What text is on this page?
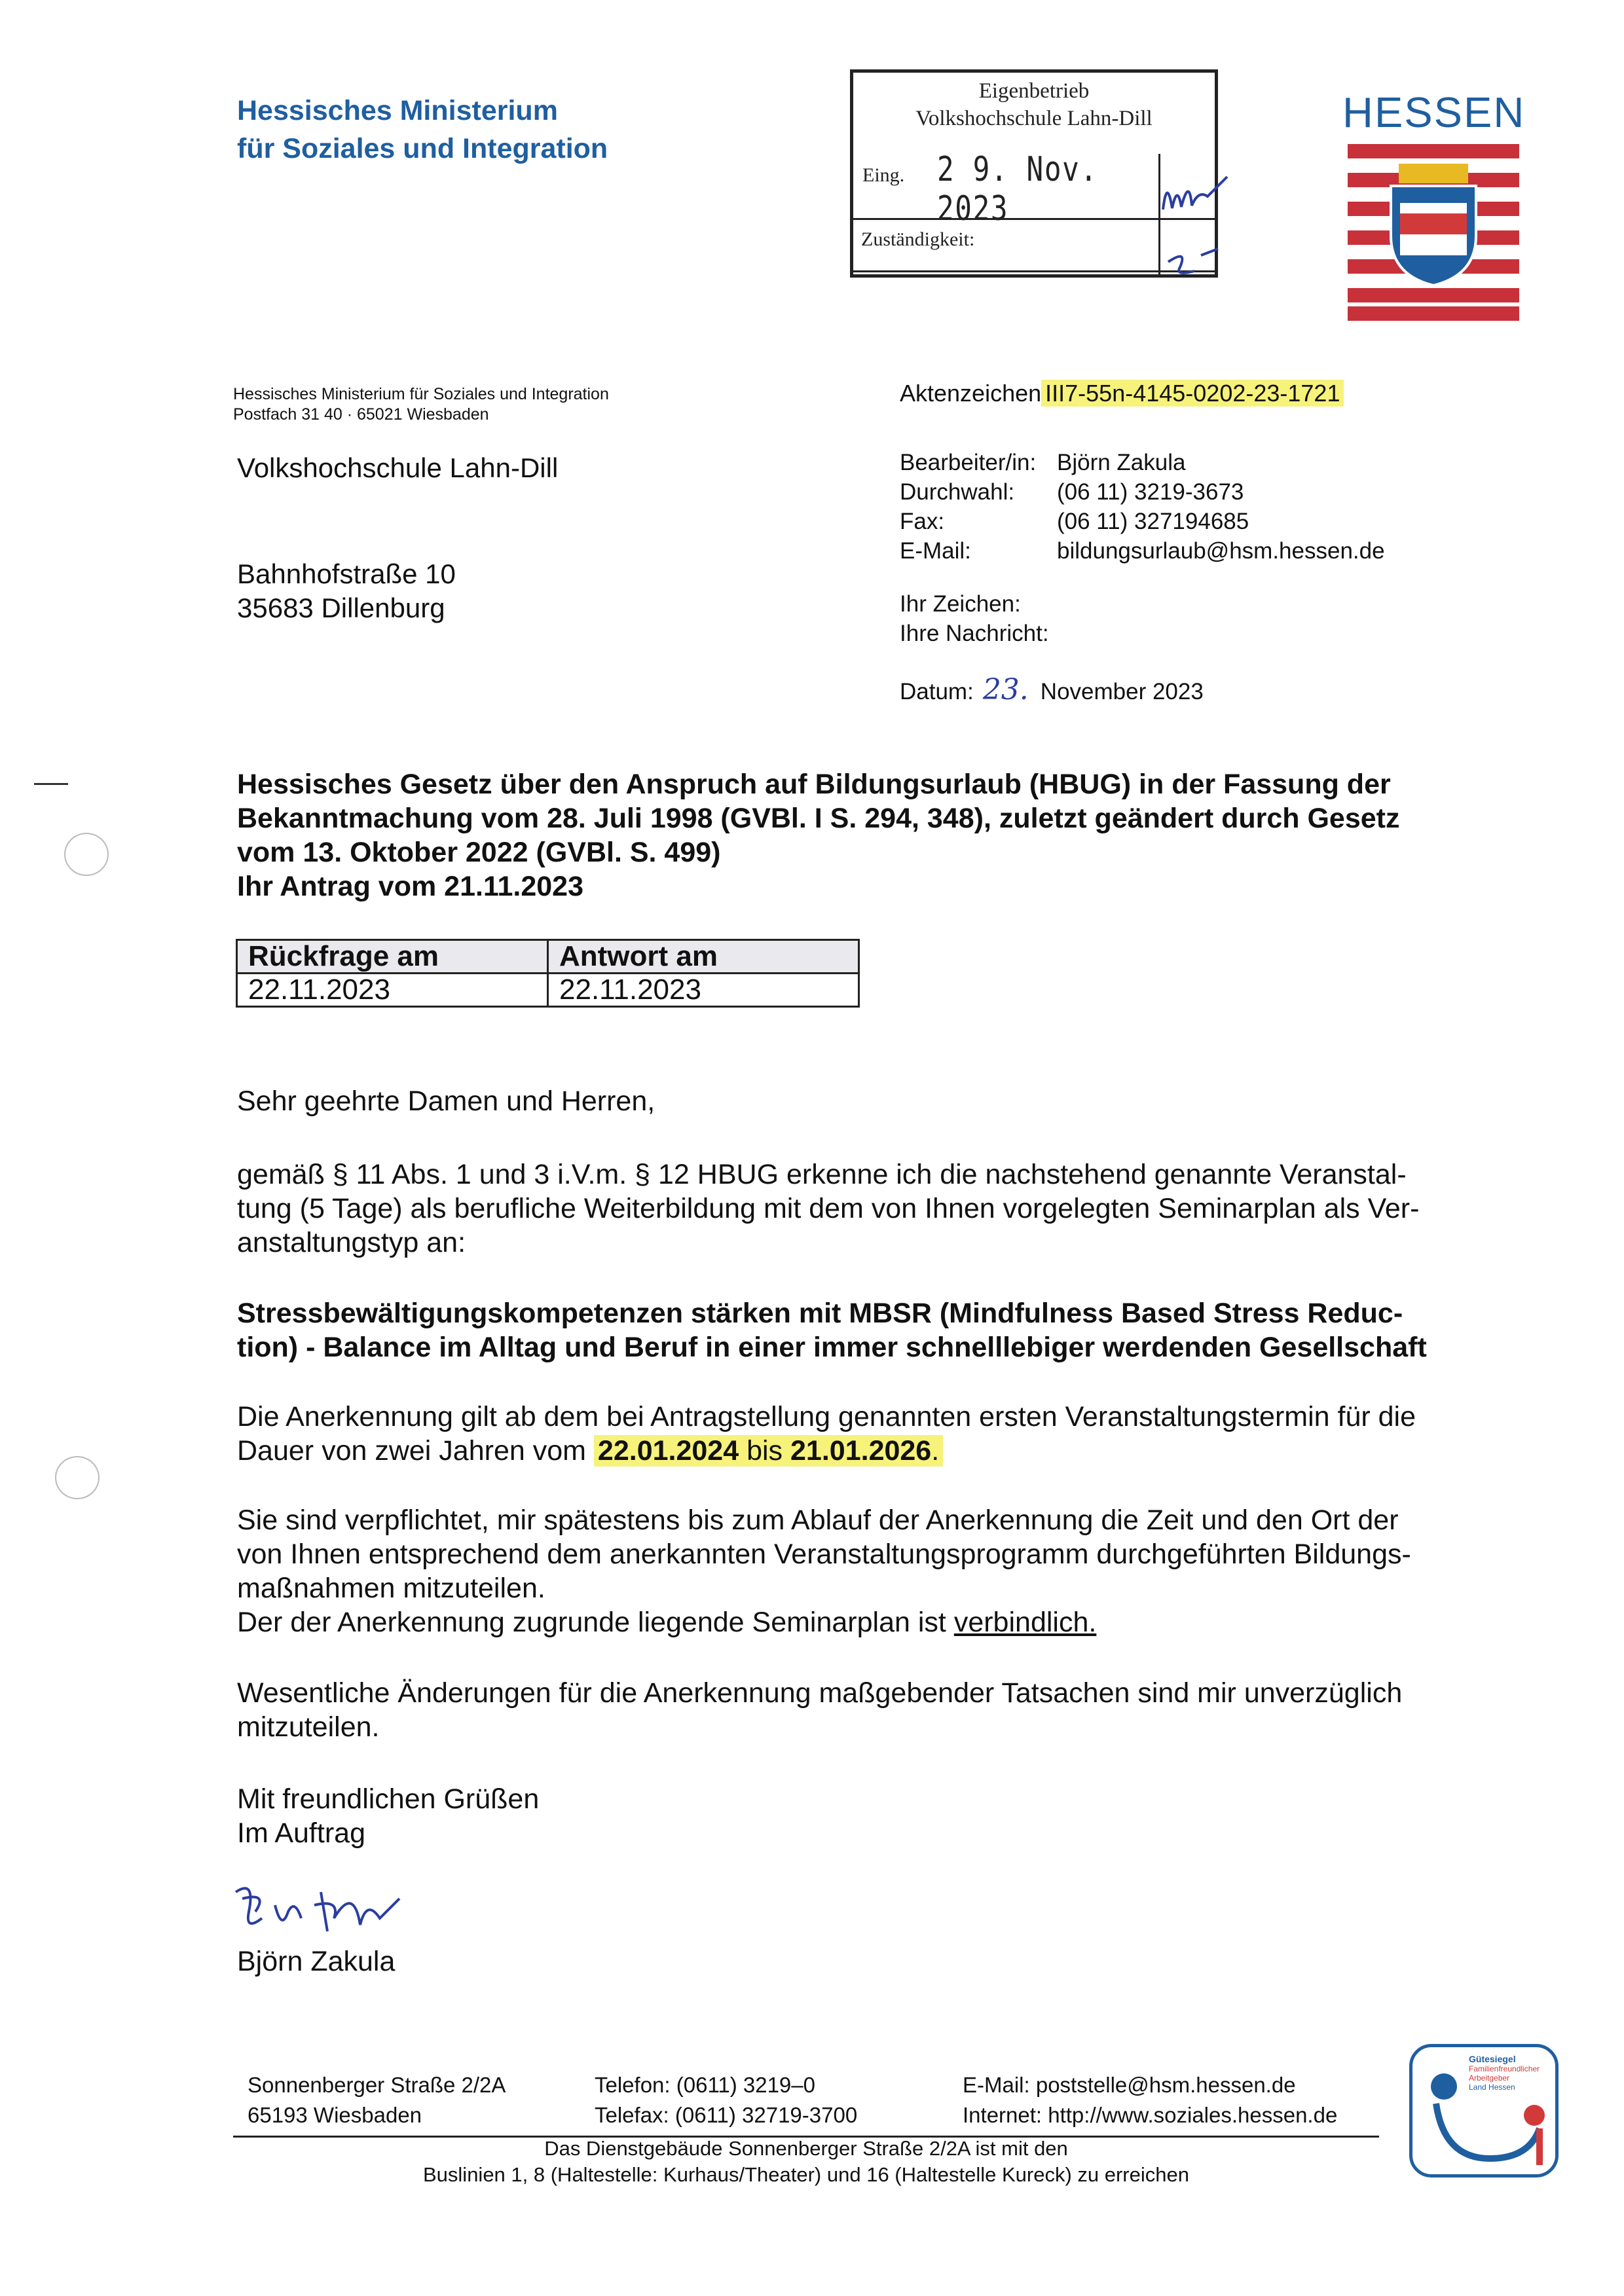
Hessisches Ministerium
für Soziales und Integration
Eigenbetrieb
Volkshochschule Lahn-Dill
Eing. 2 9. Nov. 2023
Zuständigkeit:
HESSEN
Hessisches Ministerium für Soziales und Integration
Postfach 31 40 · 65021 Wiesbaden
Volkshochschule Lahn-Dill
Bahnhofstraße 10
35683 Dillenburg
Aktenzeichen III7-55n-4145-0202-23-1721
Bearbeiter/in: Björn Zakula
Durchwahl: (06 11) 3219-3673
Fax:	(06 11) 327194685
E-Mail:	bildungsurlaub@hsm.hessen.de
Ihr Zeichen:
Ihre Nachricht:
Datum: 23. November 2023
Hessisches Gesetz über den Anspruch auf Bildungsurlaub (HBUG) in der Fassung der
Bekanntmachung vom 28. Juli 1998 (GVBl. I S. 294, 348), zuletzt geändert durch Gesetz
vom 13. Oktober 2022 (GVBl. S. 499)
Ihr Antrag vom 21.11.2023
Rückfrage am	Antwort am
22.11.2023	22.11.2023
Sehr geehrte Damen und Herren,
gemäß § 11 Abs. 1 und 3 i.V.m. § 12 HBUG erkenne ich die nachstehend genannte Veranstal-
tung (5 Tage) als berufliche Weiterbildung mit dem von Ihnen vorgelegten Seminarplan als Ver-
anstaltungstyp an:
Stressbewältigungskompetenzen stärken mit MBSR (Mindfulness Based Stress Reduc-
tion) - Balance im Alltag und Beruf in einer immer schnelllebiger werdenden Gesellschaft
Die Anerkennung gilt ab dem bei Antragstellung genannten ersten Veranstaltungstermin für die
Dauer von zwei Jahren vom 22.01.2024 bis 21.01.2026.
Sie sind verpflichtet, mir spätestens bis zum Ablauf der Anerkennung die Zeit und den Ort der
von Ihnen entsprechend dem anerkannten Veranstaltungsprogramm durchgeführten Bildungs-
maßnahmen mitzuteilen.
Der der Anerkennung zugrunde liegende Seminarplan ist verbindlich.
Wesentliche Änderungen für die Anerkennung maßgebender Tatsachen sind mir unverzüglich
mitzuteilen.
Mit freundlichen Grüßen
Im Auftrag
Björn Zakula
Sonnenberger Straße 2/2A
65193 Wiesbaden
Telefon: (0611) 3219–0
Telefax: (0611) 32719-3700
E-Mail: poststelle@hsm.hessen.de
Internet: http://www.soziales.hessen.de
Das Dienstgebäude Sonnenberger Straße 2/2A ist mit den
Buslinien 1, 8 (Haltestelle: Kurhaus/Theater) und 16 (Haltestelle Kureck) zu erreichen
Gütesiegel
Familienfreundlicher
Arbeitgeber
Land Hessen
